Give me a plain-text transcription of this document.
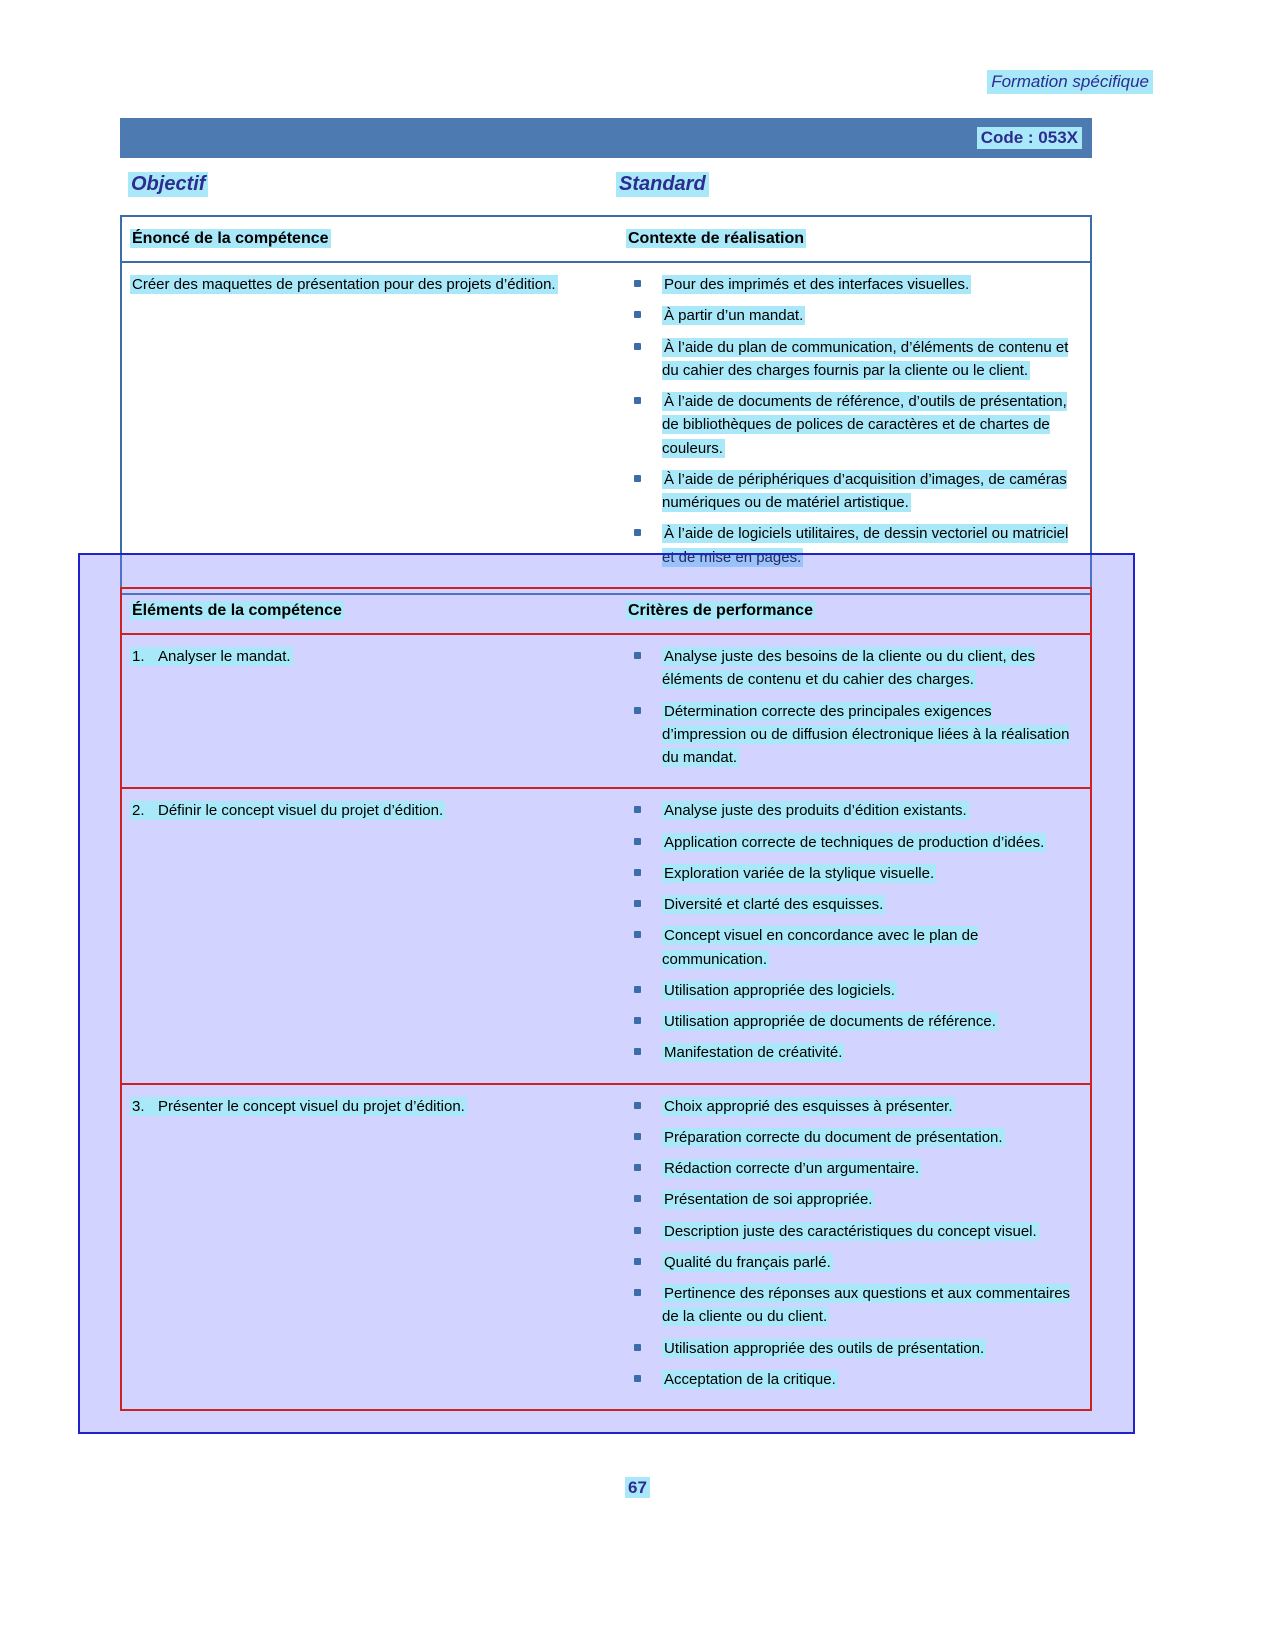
Formation spécifique
Code : 053X
Objectif	Standard
Énoncé de la compétence	Contexte de réalisation
Créer des maquettes de présentation pour des projets d’édition.	Pour des imprimés et des interfaces visuelles.
À partir d’un mandat.
À l’aide du plan de communication, d’éléments de contenu et du cahier des charges fournis par la cliente ou le client.
À l’aide de documents de référence, d’outils de présentation, de bibliothèques de polices de caractères et de chartes de couleurs.
À l’aide de périphériques d’acquisition d’images, de caméras numériques ou de matériel artistique.
À l’aide de logiciels utilitaires, de dessin vectoriel ou matriciel et de mise en pages.
Éléments de la compétence	Critères de performance
1. Analyser le mandat.	Analyse juste des besoins de la cliente ou du client, des éléments de contenu et du cahier des charges.
Détermination correcte des principales exigences d’impression ou de diffusion électronique liées à la réalisation du mandat.
2. Définir le concept visuel du projet d’édition.	Analyse juste des produits d’édition existants.
Application correcte de techniques de production d’idées.
Exploration variée de la stylique visuelle.
Diversité et clarté des esquisses.
Concept visuel en concordance avec le plan de communication.
Utilisation appropriée des logiciels.
Utilisation appropriée de documents de référence.
Manifestation de créativité.
3. Présenter le concept visuel du projet d’édition.	Choix approprié des esquisses à présenter.
Préparation correcte du document de présentation.
Rédaction correcte d’un argumentaire.
Présentation de soi appropriée.
Description juste des caractéristiques du concept visuel.
Qualité du français parlé.
Pertinence des réponses aux questions et aux commentaires de la cliente ou du client.
Utilisation appropriée des outils de présentation.
Acceptation de la critique.
67
